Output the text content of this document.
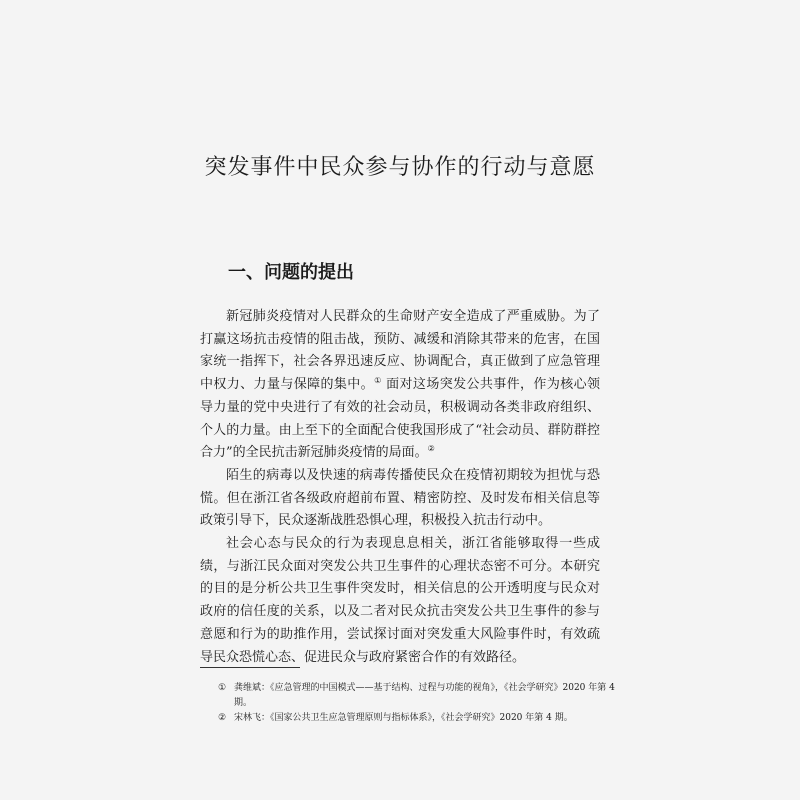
突发事件中民众参与协作的行动与意愿
一、问题的提出

新冠肺炎疫情对人民群众的生命财产安全造成了严重威胁。为了打赢这场抗击疫情的阻击战，预防、减缓和消除其带来的危害，在国家统一指挥下，社会各界迅速反应、协调配合，真正做到了应急管理中权力、力量与保障的集中。① 面对这场突发公共事件，作为核心领导力量的党中央进行了有效的社会动员，积极调动各类非政府组织、个人的力量。由上至下的全面配合使我国形成了“社会动员、群防群控合力”的全民抗击新冠肺炎疫情的局面。②

陌生的病毒以及快速的病毒传播使民众在疫情初期较为担忧与恐慌。但在浙江省各级政府超前布置、精密防控、及时发布相关信息等政策引导下，民众逐渐战胜恐惧心理，积极投入抗击行动中。

社会心态与民众的行为表现息息相关，浙江省能够取得一些成绩，与浙江民众面对突发公共卫生事件的心理状态密不可分。本研究的目的是分析公共卫生事件突发时，相关信息的公开透明度与民众对政府的信任度的关系，以及二者对民众抗击突发公共卫生事件的参与意愿和行为的助推作用，尝试探讨面对突发重大风险事件时，有效疏导民众恐慌心态、促进民众与政府紧密合作的有效路径。

① 龚维斌：《应急管理的中国模式——基于结构、过程与功能的视角》，《社会学研究》2020 年第 4 期。
② 宋林飞：《国家公共卫生应急管理原则与指标体系》，《社会学研究》2020 年第 4 期。
